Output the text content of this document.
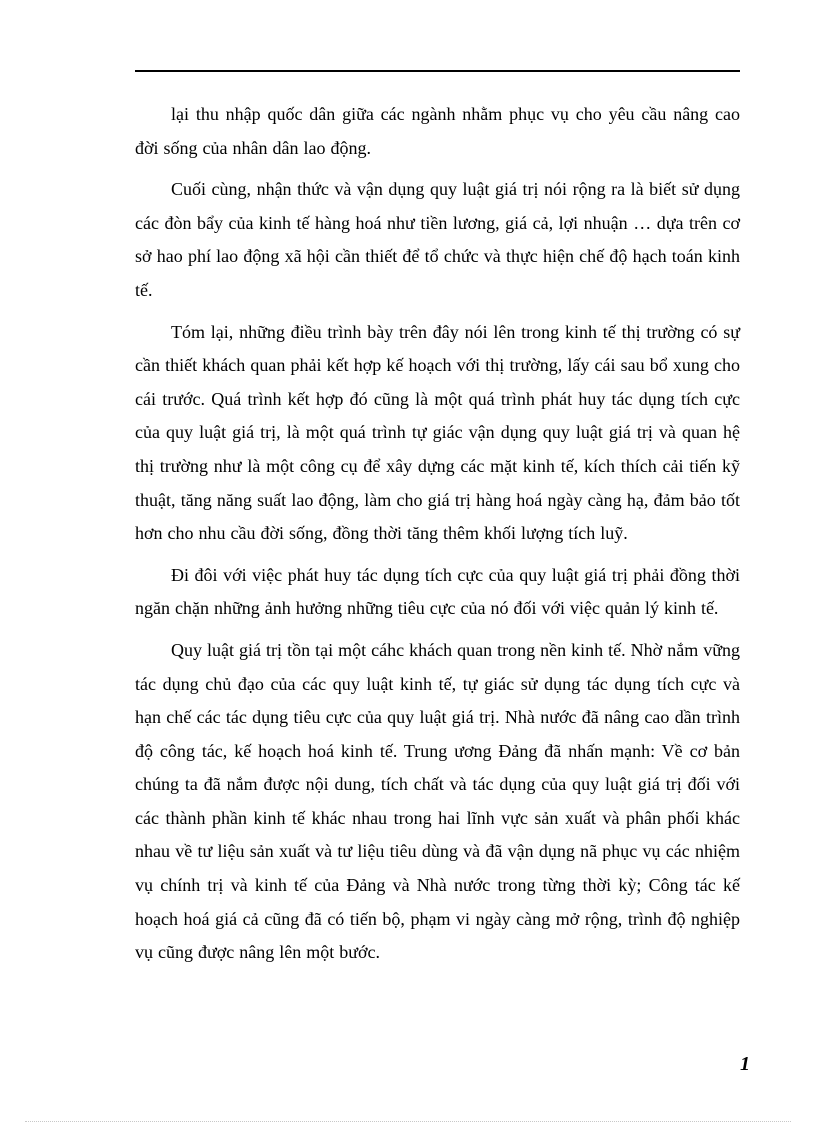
lại thu nhập quốc dân giữa các ngành nhằm phục vụ cho yêu cầu nâng cao đời sống của nhân dân lao động.

Cuối cùng, nhận thức và vận dụng quy luật giá trị nói rộng ra là biết sử dụng các đòn bẩy của kinh tế hàng hoá như tiền lương, giá cả, lợi nhuận … dựa trên cơ sở hao phí lao động xã hội cần thiết để tổ chức và thực hiện chế độ hạch toán kinh tế.

Tóm lại, những điều trình bày trên đây nói lên trong kinh tế thị trường có sự cần thiết khách quan phải kết hợp kế hoạch với thị trường, lấy cái sau bổ xung cho cái trước. Quá trình kết hợp đó cũng là một quá trình phát huy tác dụng tích cực của quy luật giá trị, là một quá trình tự giác vận dụng quy luật giá trị và quan hệ thị trường như là một công cụ để xây dựng các mặt kinh tế, kích thích cải tiến kỹ thuật, tăng năng suất lao động, làm cho giá trị hàng hoá ngày càng hạ, đảm bảo tốt hơn cho nhu cầu đời sống, đồng thời tăng thêm khối lượng tích luỹ.

Đi đôi với việc phát huy tác dụng tích cực của quy luật giá trị phải đồng thời ngăn chặn những ảnh hưởng những tiêu cực của nó đối với việc quản lý kinh tế.

Quy luật giá trị tồn tại một cáhc khách quan trong nền kinh tế. Nhờ nắm vững tác dụng chủ đạo của các quy luật kinh tế, tự giác sử dụng tác dụng tích cực và hạn chế các tác dụng tiêu cực của quy luật giá trị. Nhà nước đã nâng cao dần trình độ công tác, kế hoạch hoá kinh tế. Trung ương Đảng đã nhấn mạnh: Về cơ bản chúng ta đã nắm được nội dung, tích chất và tác dụng của quy luật giá trị đối với các thành phần kinh tế khác nhau trong hai lĩnh vực sản xuất và phân phối khác nhau về tư liệu sản xuất và tư liệu tiêu dùng và đã vận dụng nã phục vụ các nhiệm vụ chính trị và kinh tế của Đảng và Nhà nước trong từng thời kỳ; Công tác kế hoạch hoá giá cả cũng đã có tiến bộ, phạm vi ngày càng mở rộng, trình độ nghiệp vụ cũng được nâng lên một bước.

1
